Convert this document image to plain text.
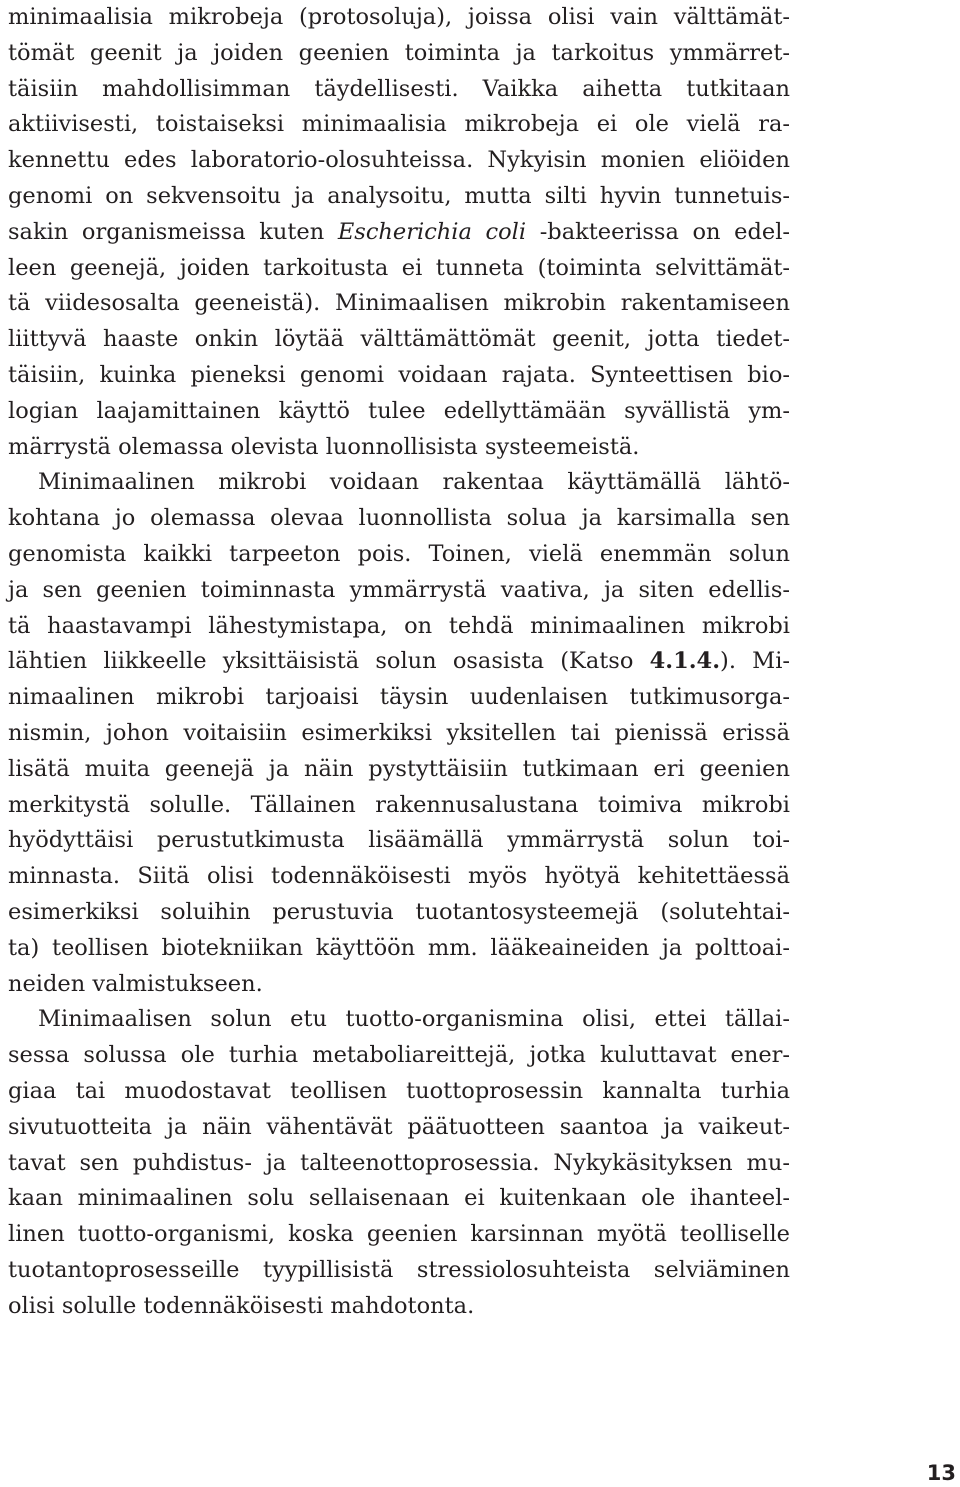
minimaalisia mikrobeja (protosoluja), joissa olisi vain välttämät-
tömät geenit ja joiden geenien toiminta ja tarkoitus ymmärret-
täisiin mahdollisimman täydellisesti. Vaikka aihetta tutkitaan
aktiivisesti, toistaiseksi minimaalisia mikrobeja ei ole vielä ra-
kennettu edes laboratorio-olosuhteissa. Nykyisin monien eliöiden
genomi on sekvensoitu ja analysoitu, mutta silti hyvin tunnetuis-
sakin organismeissa kuten Escherichia coli -bakteerissa on edel-
leen geenejä, joiden tarkoitusta ei tunneta (toiminta selvittämät-
tä viidesosalta geeneistä). Minimaalisen mikrobin rakentamiseen
liittyvä haaste onkin löytää välttämättömät geenit, jotta tiedet-
täisiin, kuinka pieneksi genomi voidaan rajata. Synteettisen bio-
logian laajamittainen käyttö tulee edellyttämään syvällistä ym-
märrystä olemassa olevista luonnollisista systeemeistä.
Minimaalinen mikrobi voidaan rakentaa käyttämällä lähtö-
kohtana jo olemassa olevaa luonnollista solua ja karsimalla sen
genomista kaikki tarpeeton pois. Toinen, vielä enemmän solun
ja sen geenien toiminnasta ymmärrystä vaativa, ja siten edellis-
tä haastavampi lähestymistapa, on tehdä minimaalinen mikrobi
lähtien liikkeelle yksittäisistä solun osasista (Katso 4.1.4.). Mi-
nimaalinen mikrobi tarjoaisi täysin uudenlaisen tutkimusorga-
nismin, johon voitaisiin esimerkiksi yksitellen tai pienissä erissä
lisätä muita geenejä ja näin pystyttäisiin tutkimaan eri geenien
merkitystä solulle. Tällainen rakennusalustana toimiva mikrobi
hyödyttäisi perustutkimusta lisäämällä ymmärrystä solun toi-
minnasta. Siitä olisi todennäköisesti myös hyötyä kehitettäessä
esimerkiksi soluihin perustuvia tuotantosysteemejä (solutehtai-
ta) teollisen biotekniikan käyttöön mm. lääkeaineiden ja polttoai-
neiden valmistukseen.
Minimaalisen solun etu tuotto-organismina olisi, ettei tällai-
sessa solussa ole turhia metaboliareittejä, jotka kuluttavat ener-
giaa tai muodostavat teollisen tuottoprosessin kannalta turhia
sivutuotteita ja näin vähentävät päätuotteen saantoa ja vaikeut-
tavat sen puhdistus- ja talteenottoprosessia. Nykykäsityksen mu-
kaan minimaalinen solu sellaisenaan ei kuitenkaan ole ihanteel-
linen tuotto-organismi, koska geenien karsinnan myötä teolliselle
tuotantoprosesseille tyypillisistä stressiolosuhteista selviäminen
olisi solulle todennäköisesti mahdotonta.
13
